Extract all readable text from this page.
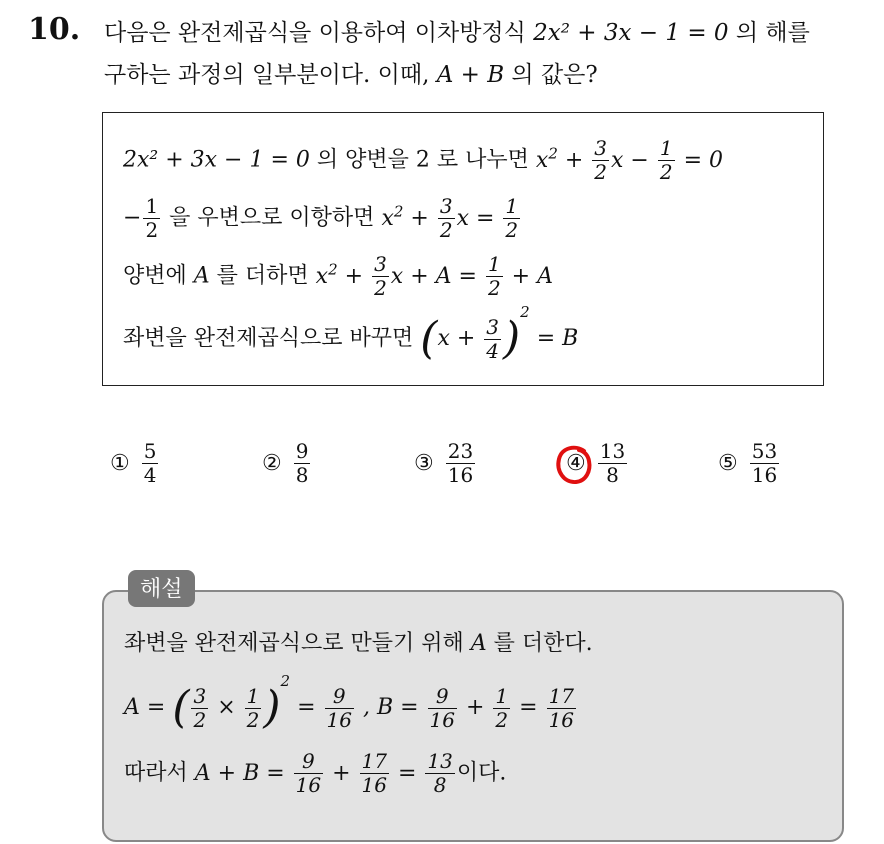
10. 다음은 완전제곱식을 이용하여 이차방정식 2x² + 3x − 1 = 0 의 해를
구하는 과정의 일부분이다. 이때, A + B 의 값은?
2x² + 3x − 1 = 0 의 양변을 2 로 나누면 $x^2 + \frac{3}{2}$ $x - \frac{1}{2} = 0$
− $\frac{1}{2}$ 을 우변으로 이항하면 $x^2 + \frac{3}{2}$ $x = \frac{1}{2}$
양변에 A 를 더하면 $x^2 + \frac{3}{2}$ $x + A = \frac{1}{2} + A$
좌변을 완전제곱식으로 바꾸면 $(x + \frac{3}{4} )^2 = B$
① $\frac{5}{4}$	② $\frac{9}{8}$	③ $\frac{23}{16}$	④ $\frac{13}{8}$	⑤ $\frac{53}{16}$
해설
좌변을 완전제곱식으로 만들기 위해 A 를 더한다.
A = ( $\frac{3}{2} \times \frac{1}{2} )^2 = \frac{9}{16}$ , $B = \frac{9}{16} + \frac{1}{2} = \frac{17}{16}$
따라서 $A + B = \frac{9}{16} + \frac{17}{16} = \frac{13}{8}$ 이다.
